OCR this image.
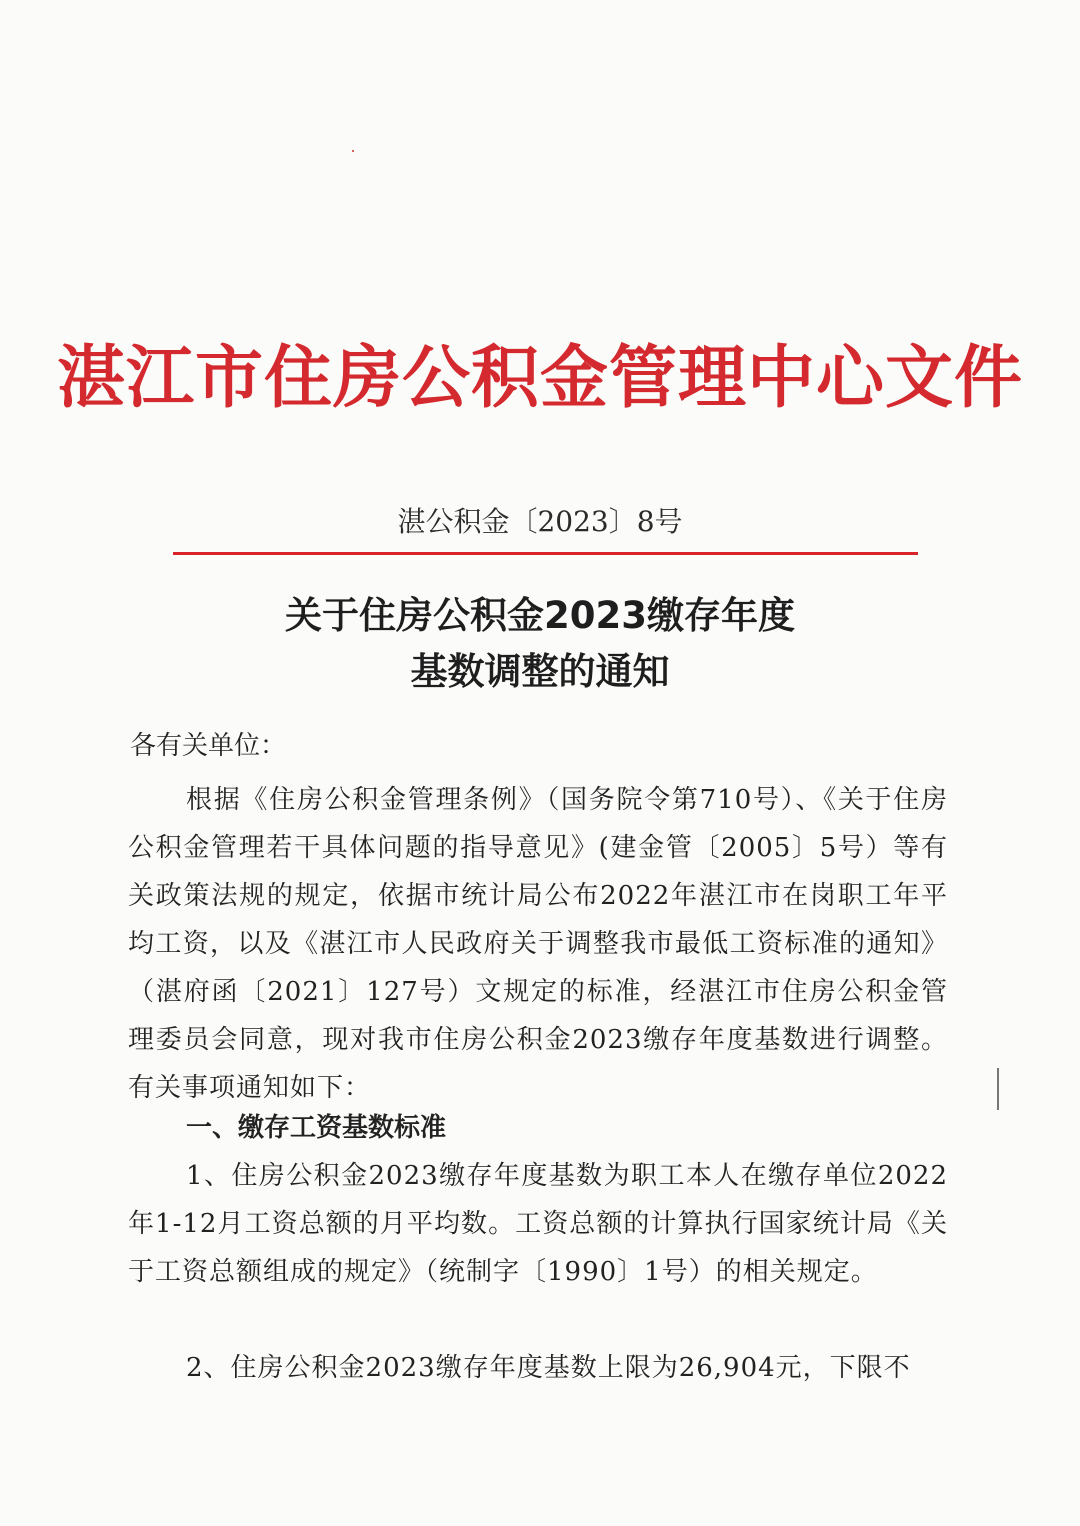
湛江市住房公积金管理中心文件
湛公积金〔2023〕8号
关于住房公积金2023缴存年度
基数调整的通知
各有关单位：
根据《住房公积金管理条例》（国务院令第710号）、《关于住房公积金管理若干具体问题的指导意见》(建金管〔2005〕5号）等有关政策法规的规定，依据市统计局公布2022年湛江市在岗职工年平均工资，以及《湛江市人民政府关于调整我市最低工资标准的通知》（湛府函〔2021〕127号）文规定的标准，经湛江市住房公积金管理委员会同意，现对我市住房公积金2023缴存年度基数进行调整。有关事项通知如下：
一、缴存工资基数标准
1、住房公积金2023缴存年度基数为职工本人在缴存单位2022年1-12月工资总额的月平均数。工资总额的计算执行国家统计局《关于工资总额组成的规定》（统制字〔1990〕1号）的相关规定。
2、住房公积金2023缴存年度基数上限为26,904元，下限不
